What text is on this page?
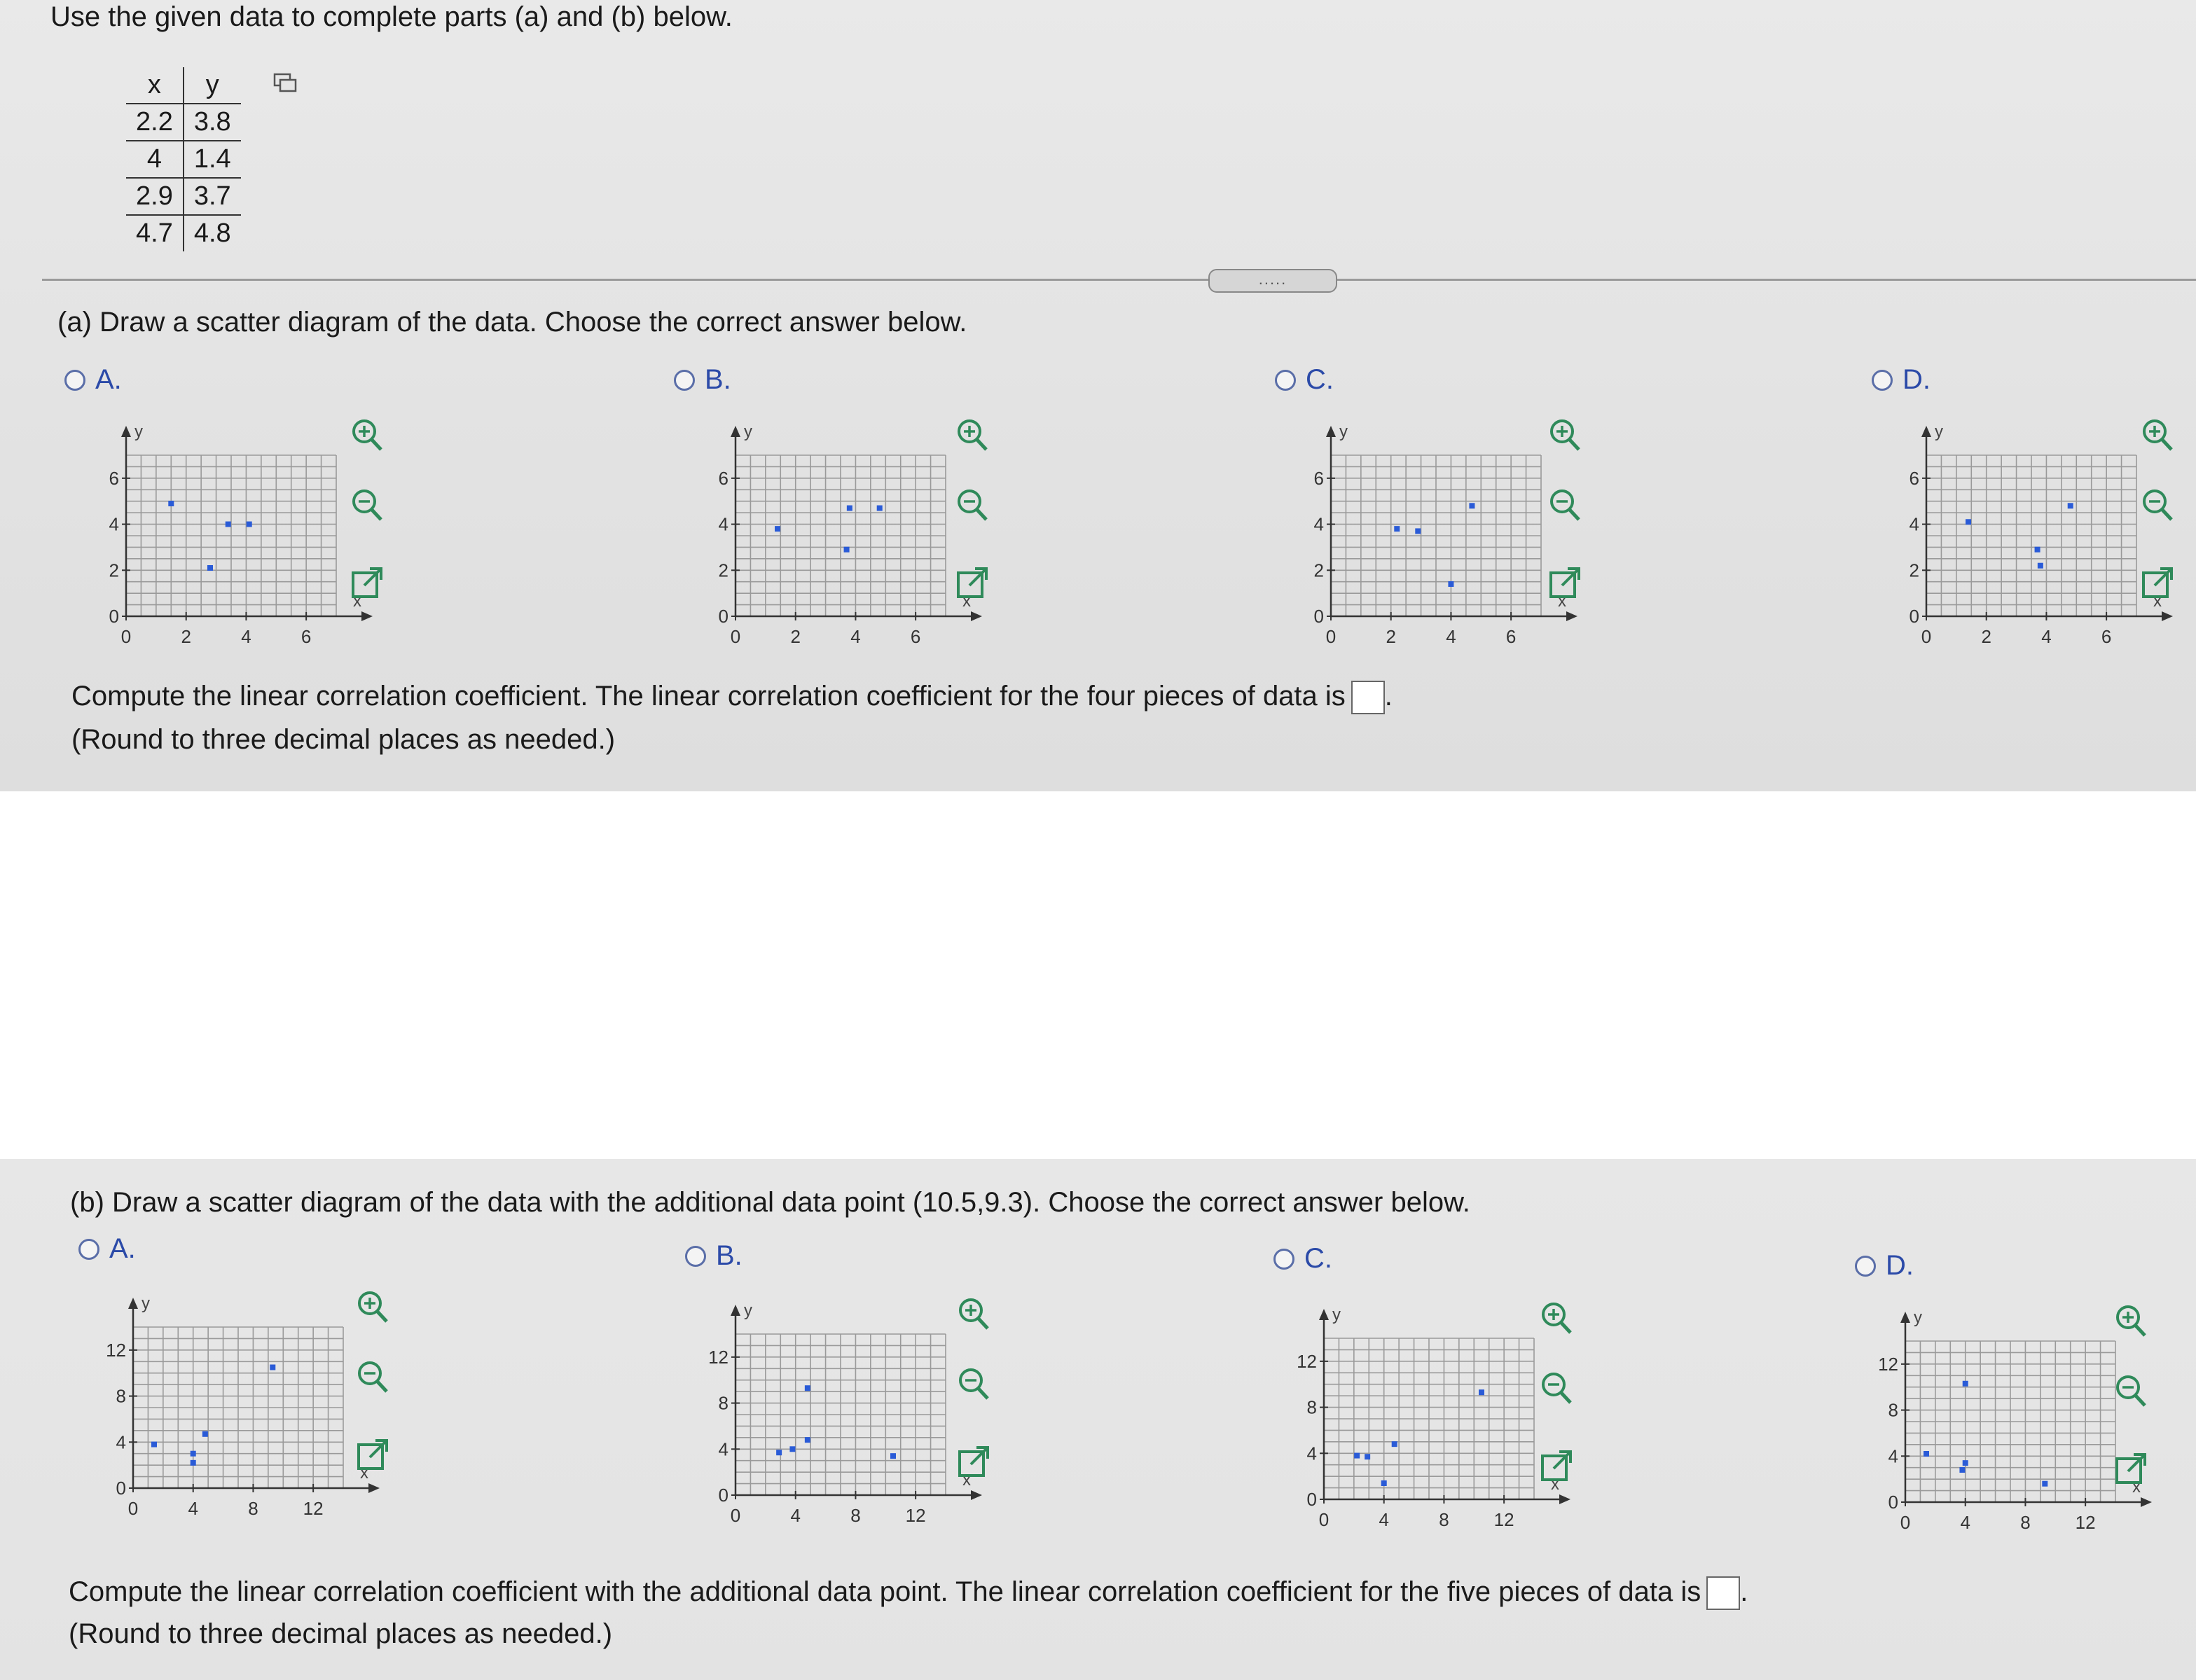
Use the given data to complete parts (a) and (b) below.
x	y
2.2	3.8
4	1.4
2.9	3.7
4.7	4.8
.....
(a) Draw a scatter diagram of the data. Choose the correct answer below.
A.	B.	C.	D.
0	2	4	6
0
2
4
6
x
y
0	2	4	6
0
2
4
6
x
y
0	2	4	6
0
2
4
6
x
y
0	2	4	6
0
2
4
6
x
y
Compute the linear correlation coefficient. The linear correlation coefficient for the four pieces of data is .
(Round to three decimal places as needed.)
(b) Draw a scatter diagram of the data with the additional data point (10.5,9.3). Choose the correct answer below.
A.	B.	C.	D.
0	4	8 12
0
4
8
12
x
y
0	4	8 12
0
4
8
12
x
y
0	4	8 12
0
4
8
12
x
y
0	4	8 12
0
4
8
12
x
y
Compute the linear correlation coefficient with the additional data point. The linear correlation coefficient for the five pieces of data is .
(Round to three decimal places as needed.)
